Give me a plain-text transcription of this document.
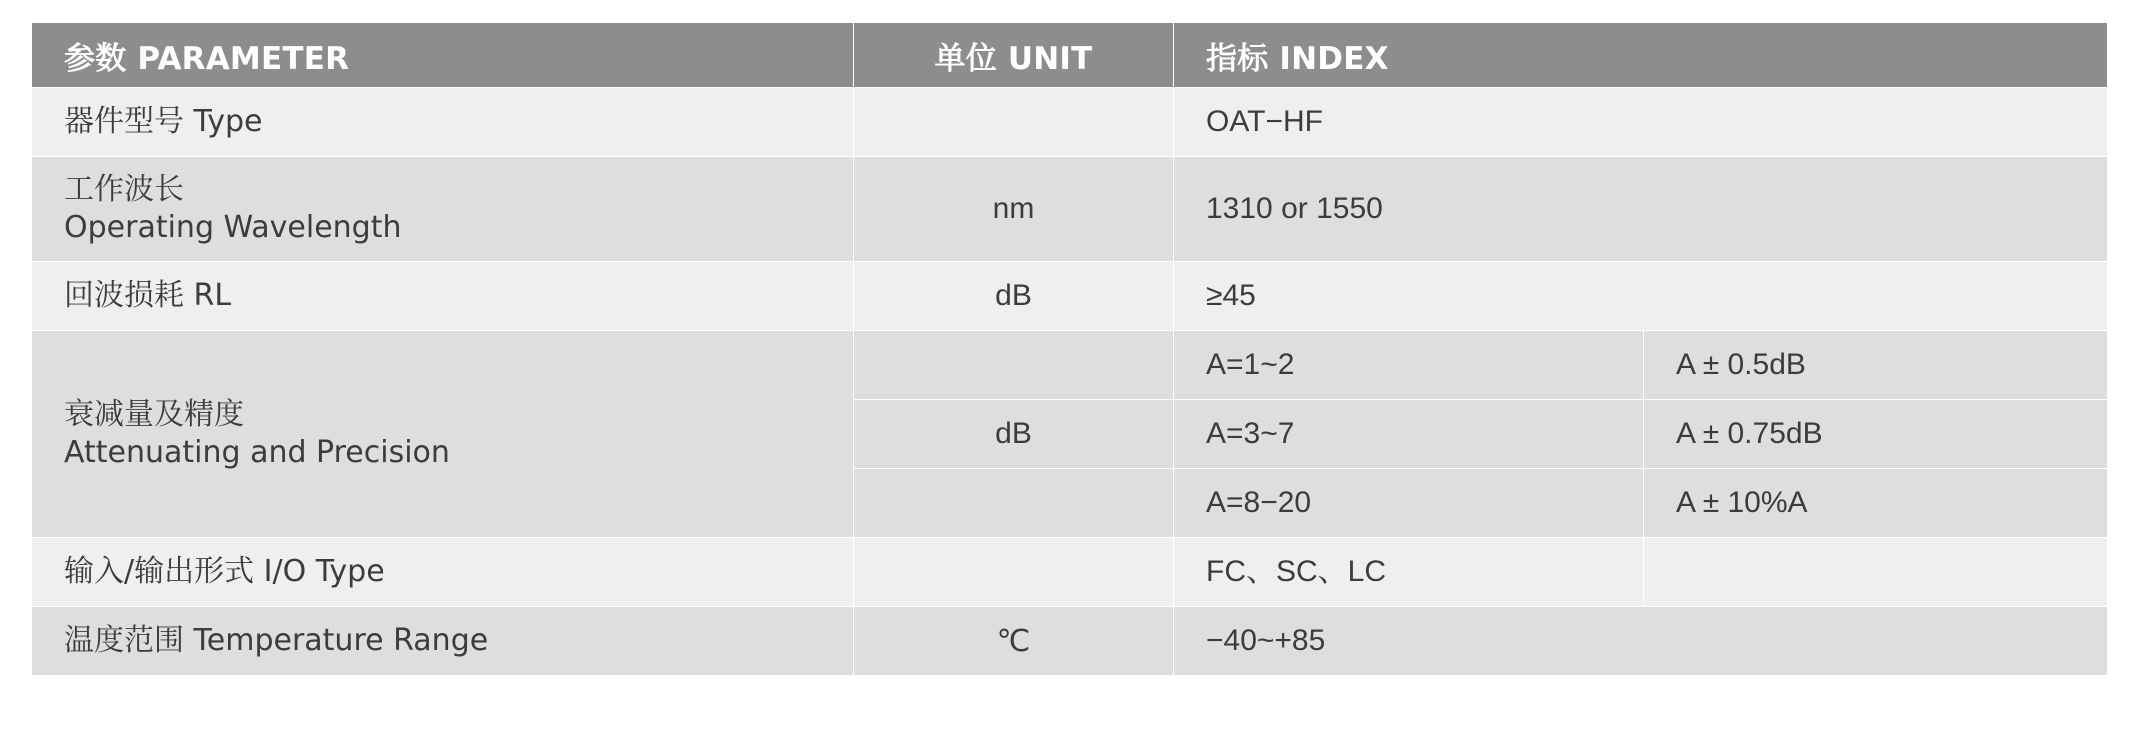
参数 PARAMETER	单位 UNIT	指标 INDEX	

器件型号 Type		OAT−HF	

工作波长
Operating Wavelength	nm	1310 or 1550	

回波损耗 RL	dB	≥45	

衰减量及精度
Attenuating and Precision		A=1~2	A ± 0.5dB

	dB	A=3~7	A ± 0.75dB

		A=8−20	A ± 10%A

输入/输出形式 I/O Type		FC、SC、LC	

温度范围 Temperature Range	℃	−40~+85	
